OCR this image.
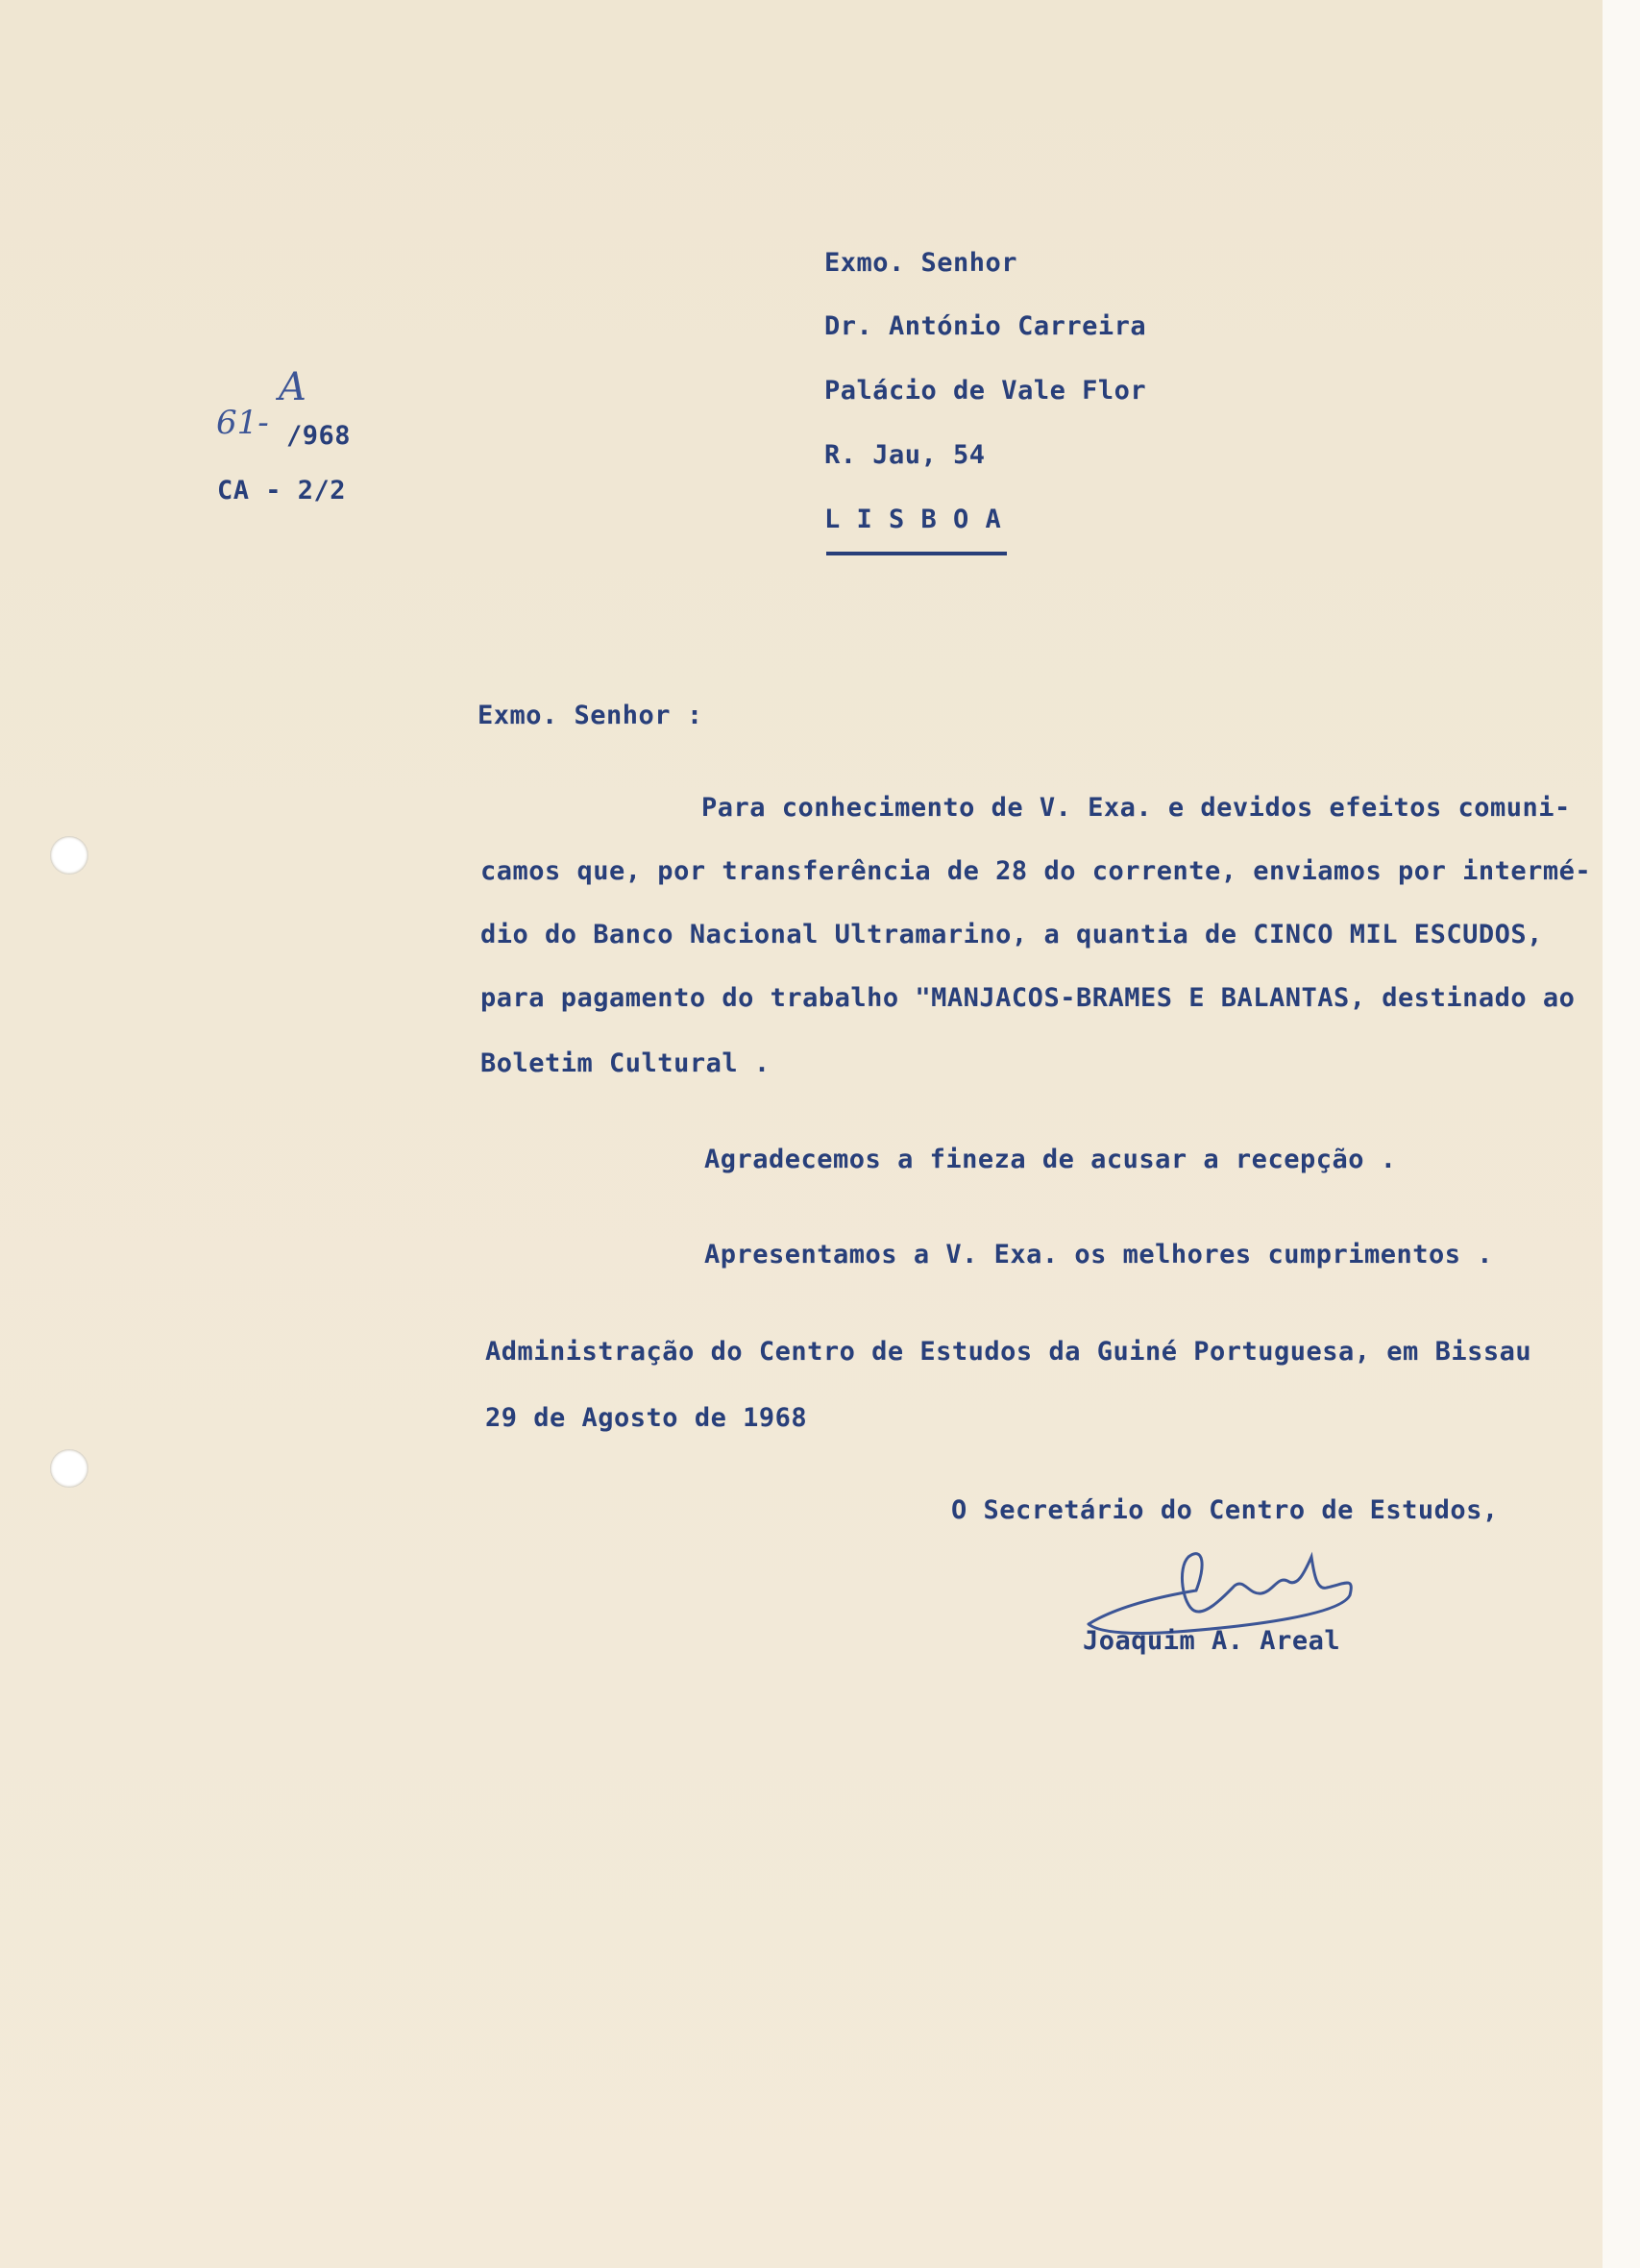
61-
A
/968
CA - 2/2
Exmo. Senhor
Dr. António Carreira
Palácio de Vale Flor
R. Jau, 54
L I S B O A
Exmo. Senhor :
Para conhecimento de V. Exa. e devidos efeitos comuni-
camos que, por transferência de 28 do corrente, enviamos por intermé-
dio do Banco Nacional Ultramarino, a quantia de CINCO MIL ESCUDOS,
para pagamento do trabalho "MANJACOS-BRAMES E BALANTAS, destinado ao
Boletim Cultural .
Agradecemos a fineza de acusar a recepção .
Apresentamos a V. Exa. os melhores cumprimentos .
Administração do Centro de Estudos da Guiné Portuguesa, em Bissau
29 de Agosto de 1968
O Secretário do Centro de Estudos,
Joaquim A. Areal
